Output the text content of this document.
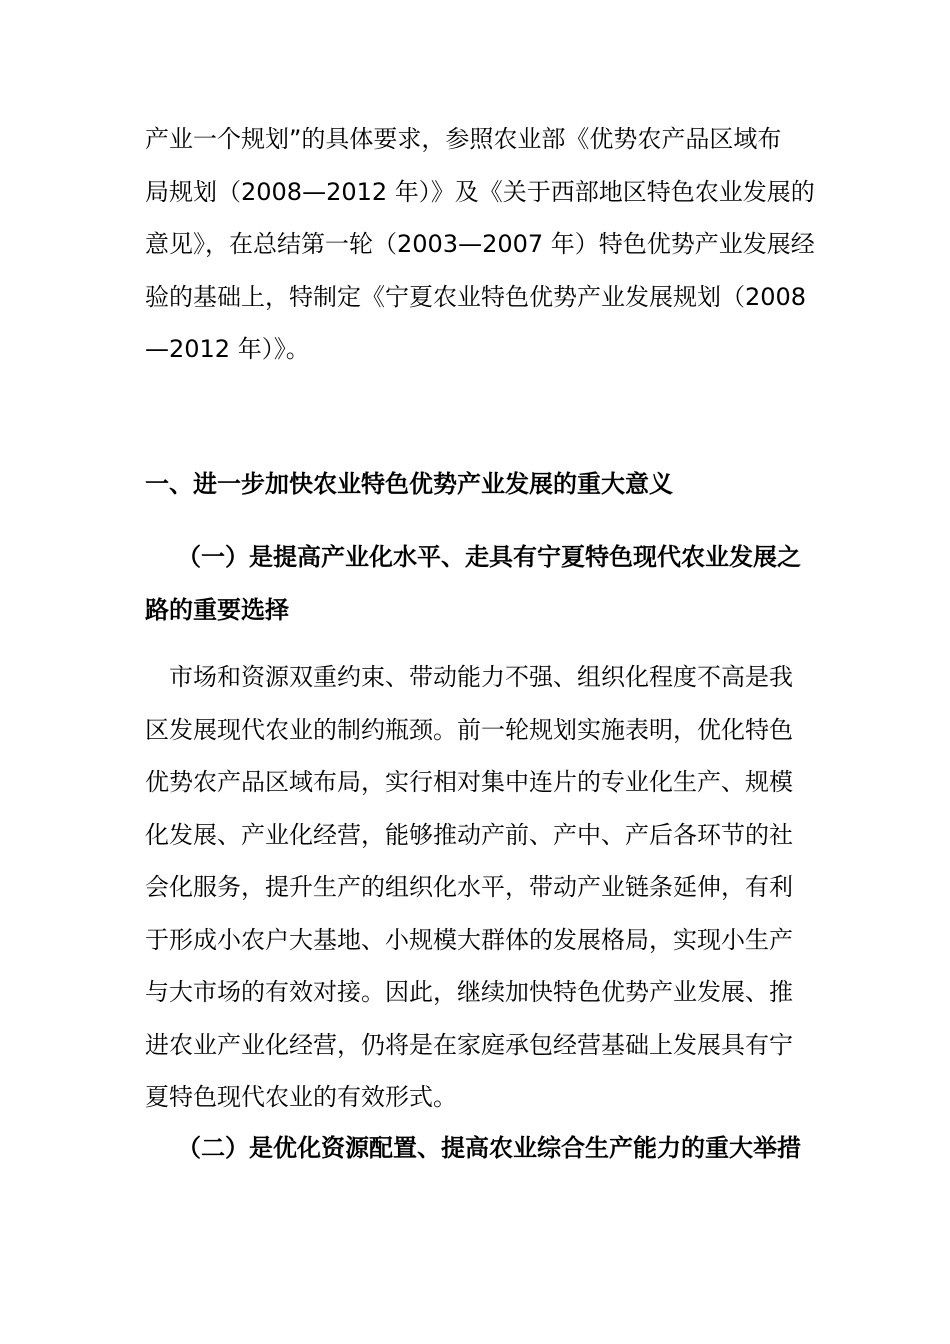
产业一个规划”的具体要求，参照农业部《优势农产品区域布
局规划（2008—2012 年）》及《关于西部地区特色农业发展的
意见》，在总结第一轮（2003—2007 年）特色优势产业发展经
验的基础上，特制定《宁夏农业特色优势产业发展规划（2008
—2012 年）》。
一、进一步加快农业特色优势产业发展的重大意义
（一）是提高产业化水平、走具有宁夏特色现代农业发展之
路的重要选择
市场和资源双重约束、带动能力不强、组织化程度不高是我
区发展现代农业的制约瓶颈。前一轮规划实施表明，优化特色
优势农产品区域布局，实行相对集中连片的专业化生产、规模
化发展、产业化经营，能够推动产前、产中、产后各环节的社
会化服务，提升生产的组织化水平，带动产业链条延伸，有利
于形成小农户大基地、小规模大群体的发展格局，实现小生产
与大市场的有效对接。因此，继续加快特色优势产业发展、推
进农业产业化经营，仍将是在家庭承包经营基础上发展具有宁
夏特色现代农业的有效形式。
（二）是优化资源配置、提高农业综合生产能力的重大举措
